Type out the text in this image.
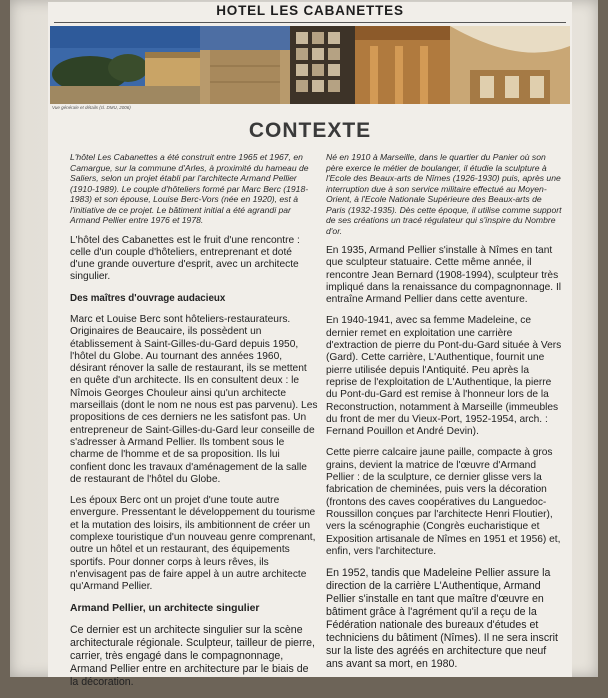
HOTEL LES CABANETTES
Vue générale et détails (cl. DMU, 2006)
CONTEXTE

L'hôtel Les Cabanettes a été construit entre 1965 et 1967, en Camargue, sur la commune d'Arles, à proximité du hameau de Saliers, selon un projet établi par l'architecte Armand Pellier (1910-1989). Le couple d'hôteliers formé par Marc Berc (1918-1983) et son épouse, Louise Berc-Vors (née en 1920), est à l'initiative de ce projet. Le bâtiment initial a été agrandi par Armand Pellier entre 1976 et 1978.

L'hôtel des Cabanettes est le fruit d'une rencontre : celle d'un couple d'hôteliers, entreprenant et doté d'une grande ouverture d'esprit, avec un architecte singulier.

Des maîtres d'ouvrage audacieux

Marc et Louise Berc sont hôteliers-restaurateurs. Originaires de Beaucaire, ils possèdent un établissement à Saint-Gilles-du-Gard depuis 1950, l'hôtel du Globe. Au tournant des années 1960, désirant rénover la salle de restaurant, ils se mettent en quête d'un architecte. Ils en consultent deux : le Nîmois Georges Chouleur ainsi qu'un architecte marseillais (dont le nom ne nous est pas parvenu). Les propositions de ces derniers ne les satisfont pas. Un entrepreneur de Saint-Gilles-du-Gard leur conseille de s'adresser à Armand Pellier. Ils tombent sous le charme de l'homme et de sa proposition. Ils lui confient donc les travaux d'aménagement de la salle de restaurant de l'hôtel du Globe.

Les époux Berc ont un projet d'une toute autre envergure. Pressentant le développement du tourisme et la mutation des loisirs, ils ambitionnent de créer un complexe touristique d'un nouveau genre comprenant, outre un hôtel et un restaurant, des équipements sportifs. Pour donner corps à leurs rêves, ils n'envisagent pas de faire appel à un autre architecte qu'Armand Pellier.

Armand Pellier, un architecte singulier

Ce dernier est un architecte singulier sur la scène architecturale régionale. Sculpteur, tailleur de pierre, carrier, très engagé dans le compagnonnage, Armand Pellier entre en architecture par le biais de la décoration.

Né en 1910 à Marseille, dans le quartier du Panier où son père exerce le métier de boulanger, il étudie la sculpture à l'Ecole des Beaux-arts de Nîmes (1926-1930) puis, après une interruption due à son service militaire effectué au Moyen-Orient, à l'Ecole Nationale Supérieure des Beaux-arts de Paris (1932-1935). Dès cette époque, il utilise comme support de ses créations un tracé régulateur qui s'inspire du Nombre d'or.

En 1935, Armand Pellier s'installe à Nîmes en tant que sculpteur statuaire. Cette même année, il rencontre Jean Bernard (1908-1994), sculpteur très impliqué dans la renaissance du compagnonnage. Il entraîne Armand Pellier dans cette aventure.

En 1940-1941, avec sa femme Madeleine, ce dernier remet en exploitation une carrière d'extraction de pierre du Pont-du-Gard située à Vers (Gard). Cette carrière, L'Authentique, fournit une pierre utilisée depuis l'Antiquité. Peu après la reprise de l'exploitation de L'Authentique, la pierre du Pont-du-Gard est remise à l'honneur lors de la Reconstruction, notamment à Marseille (immeubles du front de mer du Vieux-Port, 1952-1954, arch. : Fernand Pouillon et André Devin).

Cette pierre calcaire jaune paille, compacte à gros grains, devient la matrice de l'œuvre d'Armand Pellier : de la sculpture, ce dernier glisse vers la fabrication de cheminées, puis vers la décoration (frontons des caves coopératives du Languedoc-Roussillon conçues par l'architecte Henri Floutier), vers la scénographie (Congrès eucharistique et Exposition artisanale de Nîmes en 1951 et 1956) et, enfin, vers l'architecture.

En 1952, tandis que Madeleine Pellier assure la direction de la carrière L'Authentique, Armand Pellier s'installe en tant que maître d'œuvre en bâtiment grâce à l'agrément qu'il a reçu de la Fédération nationale des bureaux d'études et techniciens du bâtiment (Nîmes). Il ne sera inscrit sur la liste des agréés en architecture que neuf ans avant sa mort, en 1980.
